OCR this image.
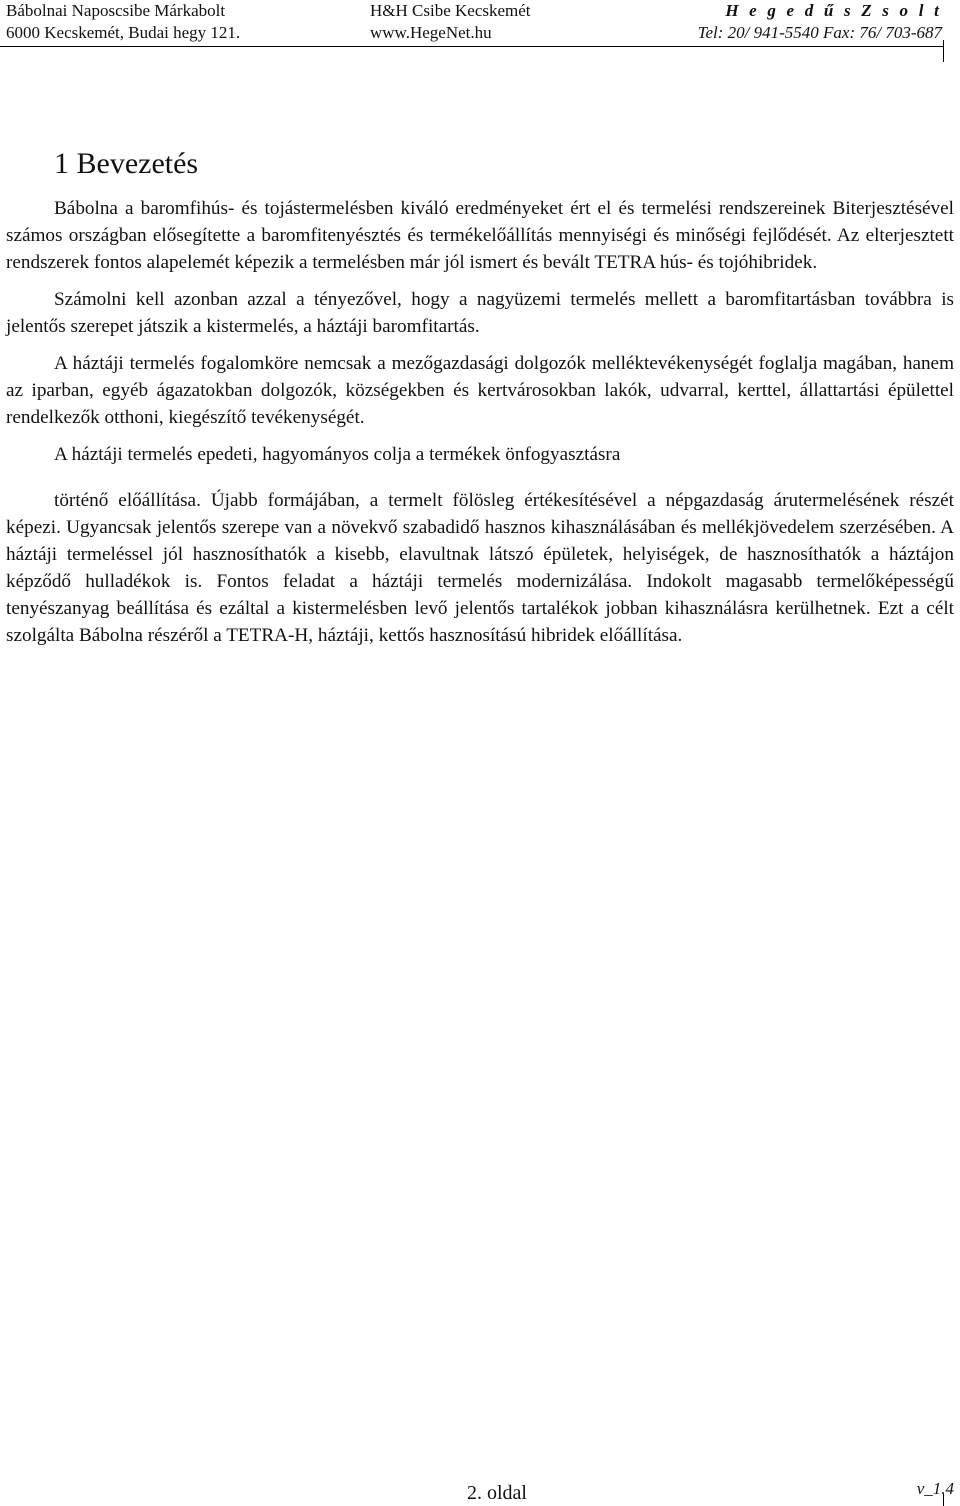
Bábolnai Naposcsibe Márkabolt
6000 Kecskemét, Budai hegy 121.
H&H Csibe Kecskemét
www.HegeNet.hu
H e g e d ű s Z s o l t
Tel: 20/ 941-5540 Fax: 76/ 703-687
1 Bevezetés

Bábolna a baromfihús- és tojástermelésben kiváló eredményeket ért el és termelési rendszereinek Biterjesztésével számos országban elősegítette a baromfitenyésztés és termékelőállítás mennyiségi és minőségi fejlődését. Az elterjesztett rendszerek fontos alapelemét képezik a termelésben már jól ismert és bevált TETRA hús- és tojóhibridek.

Számolni kell azonban azzal a tényezővel, hogy a nagyüzemi termelés mellett a baromfitartásban továbbra is jelentős szerepet játszik a kistermelés, a háztáji baromfitartás.

A háztáji termelés fogalomköre nemcsak a mezőgazdasági dolgozók melléktevékenységét foglalja magában, hanem az iparban, egyéb ágazatokban dolgozók, községekben és kertvárosokban lakók, udvarral, kerttel, állattartási épülettel rendelkezők otthoni, kiegészítő tevékenységét.

A háztáji termelés epedeti, hagyományos colja a termékek önfogyasztásra

történő előállítása. Újabb formájában, a termelt fölösleg értékesítésével a népgazdaság árutermelésének részét képezi. Ugyancsak jelentős szerepe van a növekvő szabadidő hasznos kihasználásában és mellékjövedelem szerzésében. A háztáji termeléssel jól hasznosíthatók a kisebb, elavultnak látszó épületek, helyiségek, de hasznosíthatók a háztájon képződő hulladékok is. Fontos feladat a háztáji termelés modernizálása. Indokolt magasabb termelőképességű tenyészanyag beállítása és ezáltal a kistermelésben levő jelentős tartalékok jobban kihasználásra kerülhetnek. Ezt a célt szolgálta Bábolna részéről a TETRA-H, háztáji, kettős hasznosítású hibridek előállítása.

2. oldal	v_1.4
